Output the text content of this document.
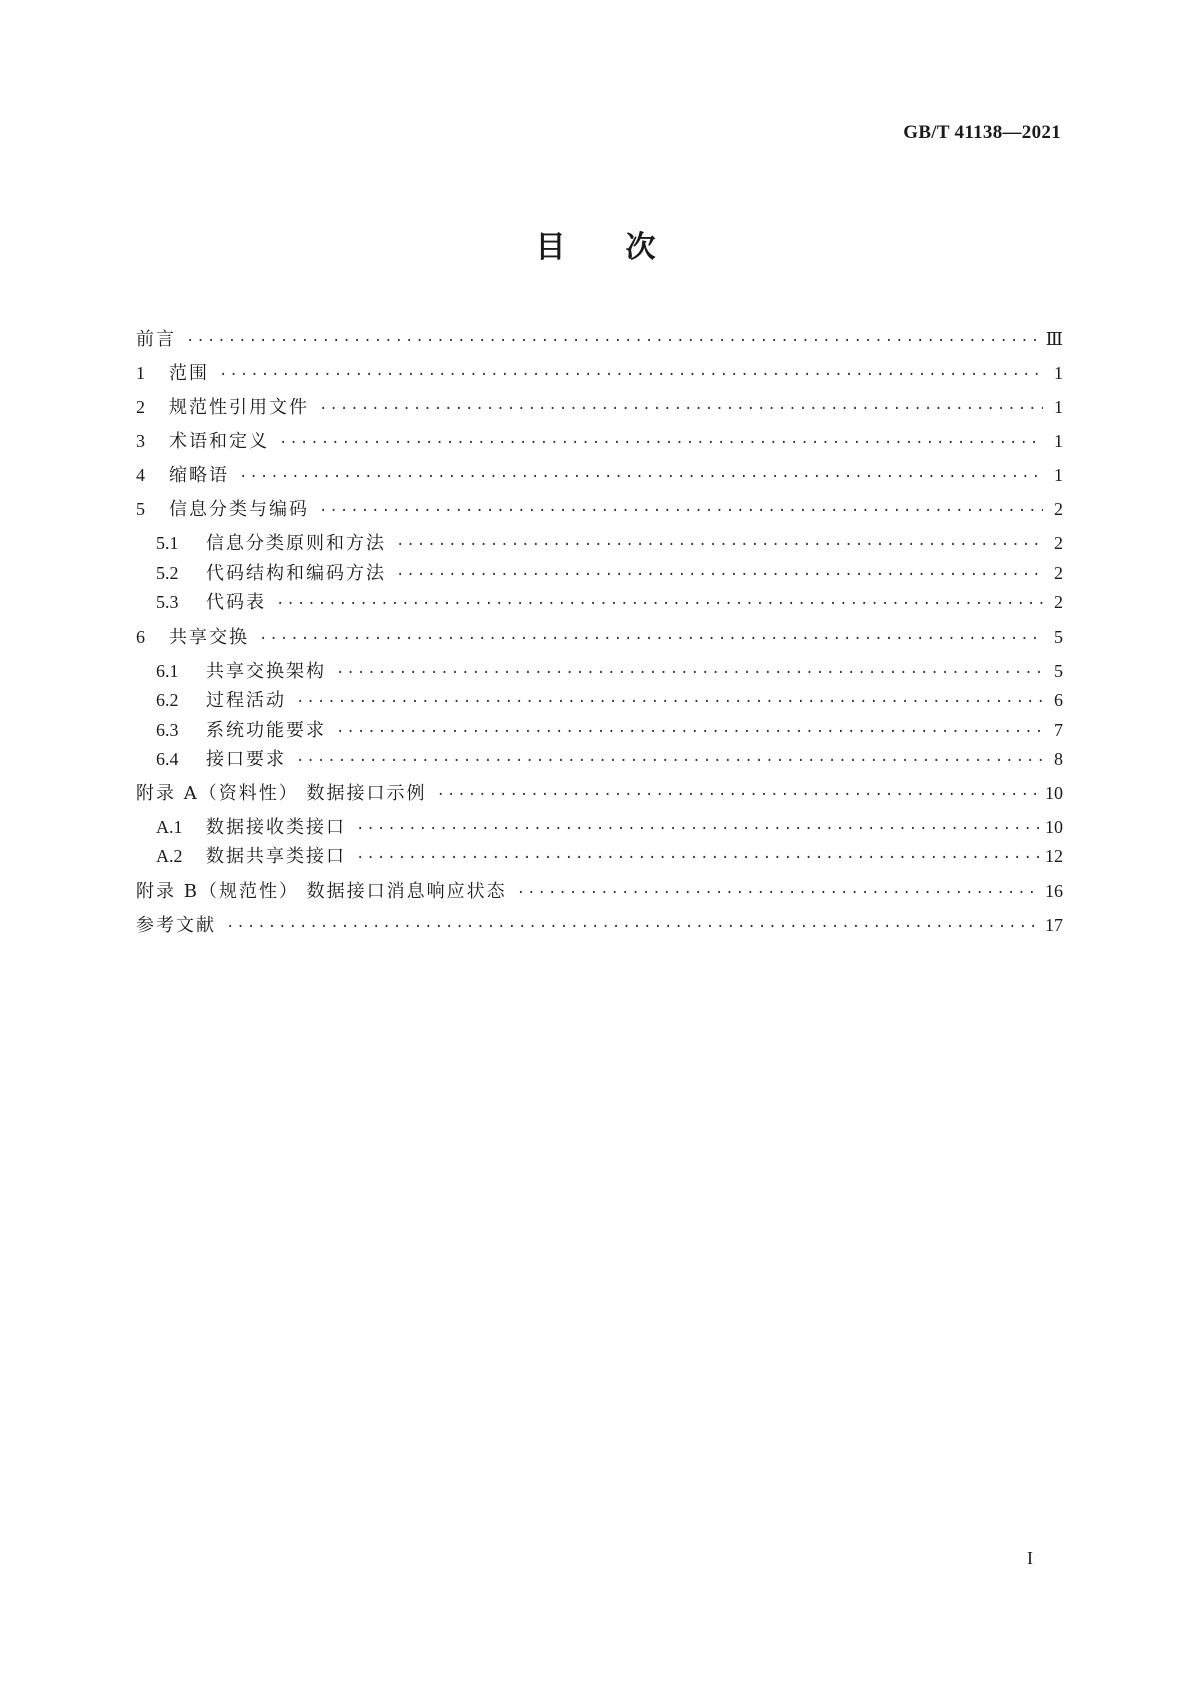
GB/T 41138—2021
目次
前言 ·····	Ⅲ
1	范围 ·····	1
2	规范性引用文件 ·····	1
3	术语和定义 ·····	1
4	缩略语 ·····	1
5	信息分类与编码 ·····	2
5.1	信息分类原则和方法 ·····	2
5.2	代码结构和编码方法 ·····	2
5.3	代码表 ·····	2
6	共享交换 ·····	5
6.1	共享交换架构 ·····	5
6.2	过程活动 ·····	6
6.3	系统功能要求 ·····	7
6.4	接口要求 ·····	8
附录 A（资料性） 数据接口示例 ·····	10
A.1	数据接收类接口 ·····	10
A.2	数据共享类接口 ·····	12
附录 B（规范性） 数据接口消息响应状态 ·····	16
参考文献 ·····	17
I
